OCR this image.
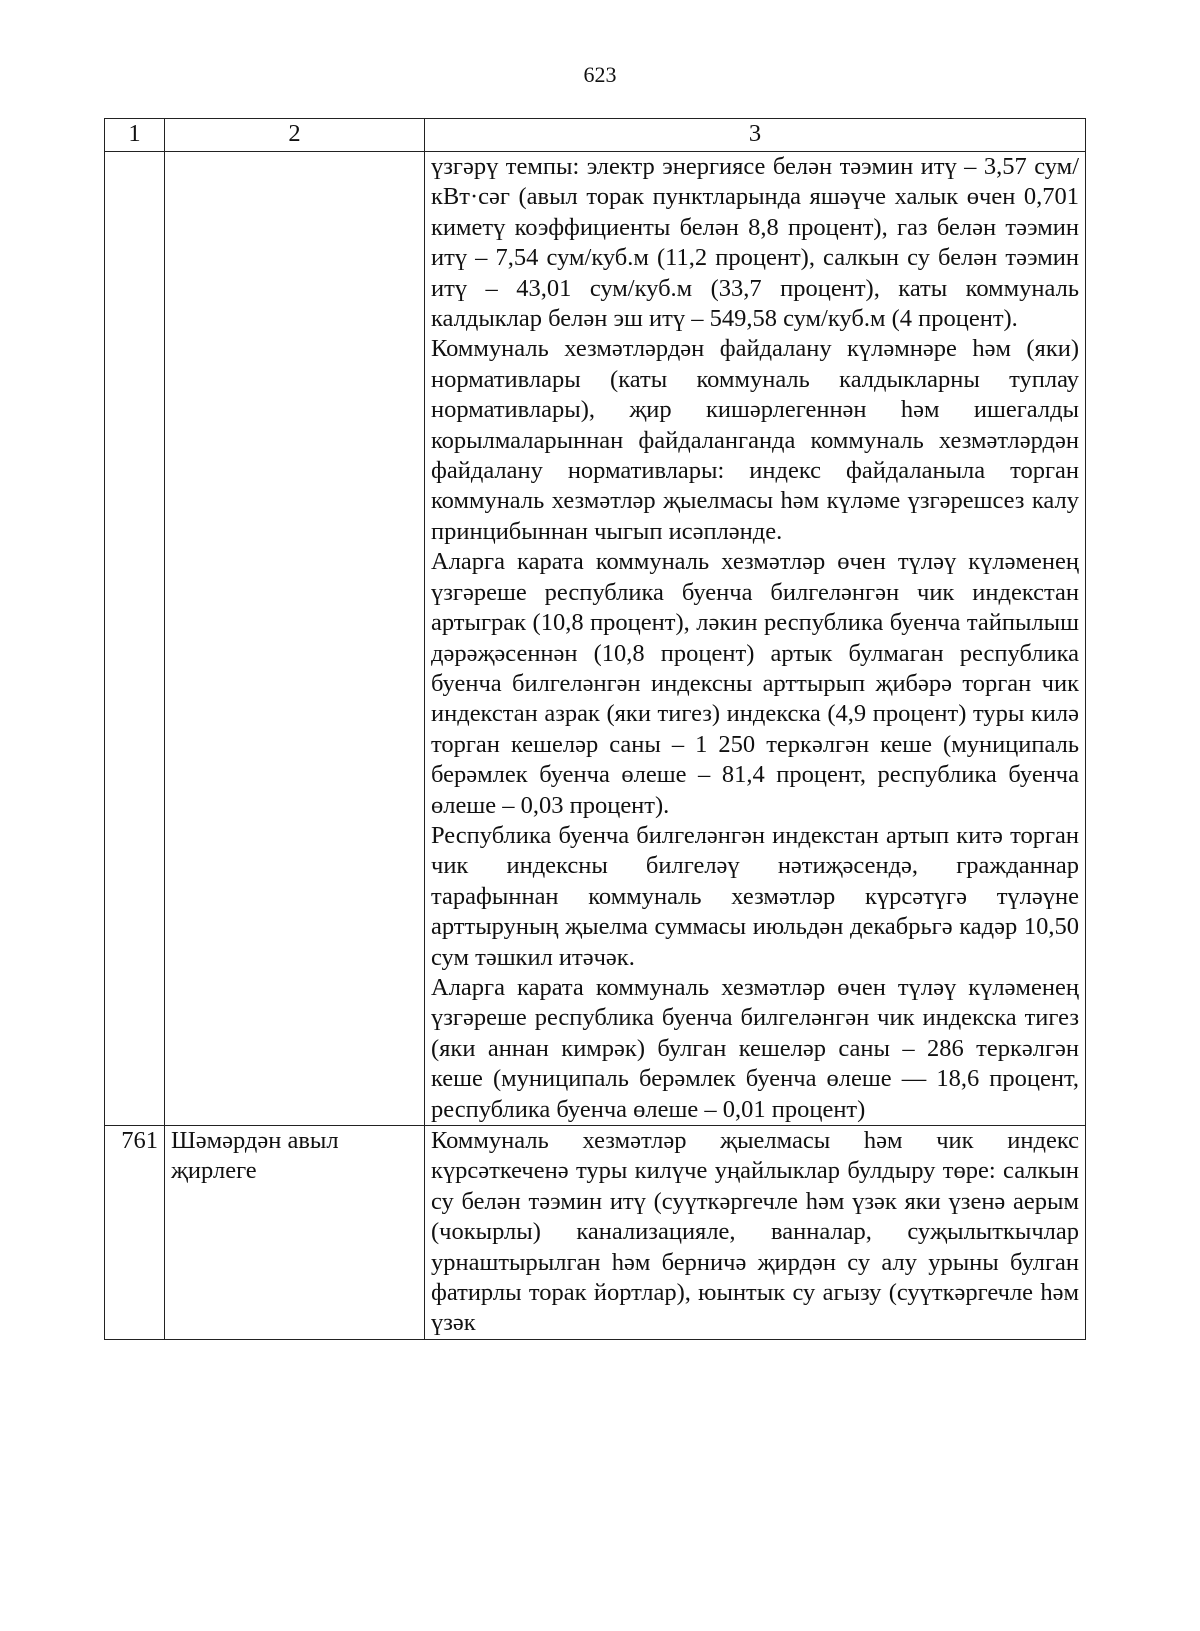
623
1	2	3

		үзгәрү темпы: электр энергиясе белән тәэмин итү – 3,57 сум/кВт·сәг (авыл торак пунктларында яшәүче халык өчен 0,701 киметү коэффициенты белән 8,8 процент), газ белән тәэмин итү – 7,54 сум/куб.м (11,2 процент), салкын су белән тәэмин итү – 43,01 сум/куб.м (33,7 процент), каты коммуналь калдыклар белән эш итү – 549,58 сум/куб.м (4 процент).
Коммуналь хезмәтләрдән файдалану күләмнәре һәм (яки) нормативлары (каты коммуналь калдыкларны туплау нормативлары), җир кишәрлегеннән һәм ишегалды корылмаларыннан файдаланганда коммуналь хезмәтләрдән файдалану нормативлары: индекс файдаланыла торган коммуналь хезмәтләр җыелмасы һәм күләме үзгәрешсез калу принцибыннан чыгып исәпләнде.
Аларга карата коммуналь хезмәтләр өчен түләү күләменең үзгәреше республика буенча билгеләнгән чик индекстан артыграк (10,8 процент), ләкин республика буенча тайпылыш дәрәҗәсеннән (10,8 процент) артык булмаган республика буенча билгеләнгән индексны арттырып җибәрә торган чик индекстан азрак (яки тигез) индекска (4,9 процент) туры килә торган кешеләр саны – 1 250 теркәлгән кеше (муниципаль берәмлек буенча өлеше – 81,4 процент, республика буенча өлеше – 0,03 процент).
Республика буенча билгеләнгән индекстан артып китә торган чик индексны билгеләү нәтиҗәсендә, гражданнар тарафыннан коммуналь хезмәтләр күрсәтүгә түләүне арттыруның җыелма суммасы июльдән декабрьгә кадәр 10,50 сум тәшкил итәчәк.
Аларга карата коммуналь хезмәтләр өчен түләү күләменең үзгәреше республика буенча билгеләнгән чик индекска тигез (яки аннан кимрәк) булган кешеләр саны – 286 теркәлгән кеше (муниципаль берәмлек буенча өлеше — 18,6 процент, республика буенча өлеше – 0,01 процент)

761	Шәмәрдән авыл җирлеге	Коммуналь хезмәтләр җыелмасы һәм чик индекс күрсәткеченә туры килүче уңайлыклар булдыру төре: салкын су белән тәэмин итү (суүткәргечле һәм үзәк яки үзенә аерым (чокырлы) канализацияле, ванналар, суҗылыткычлар урнаштырылган һәм берничә җирдән су алу урыны булган фатирлы торак йортлар), юынтык су агызу (суүткәргечле һәм үзәк
